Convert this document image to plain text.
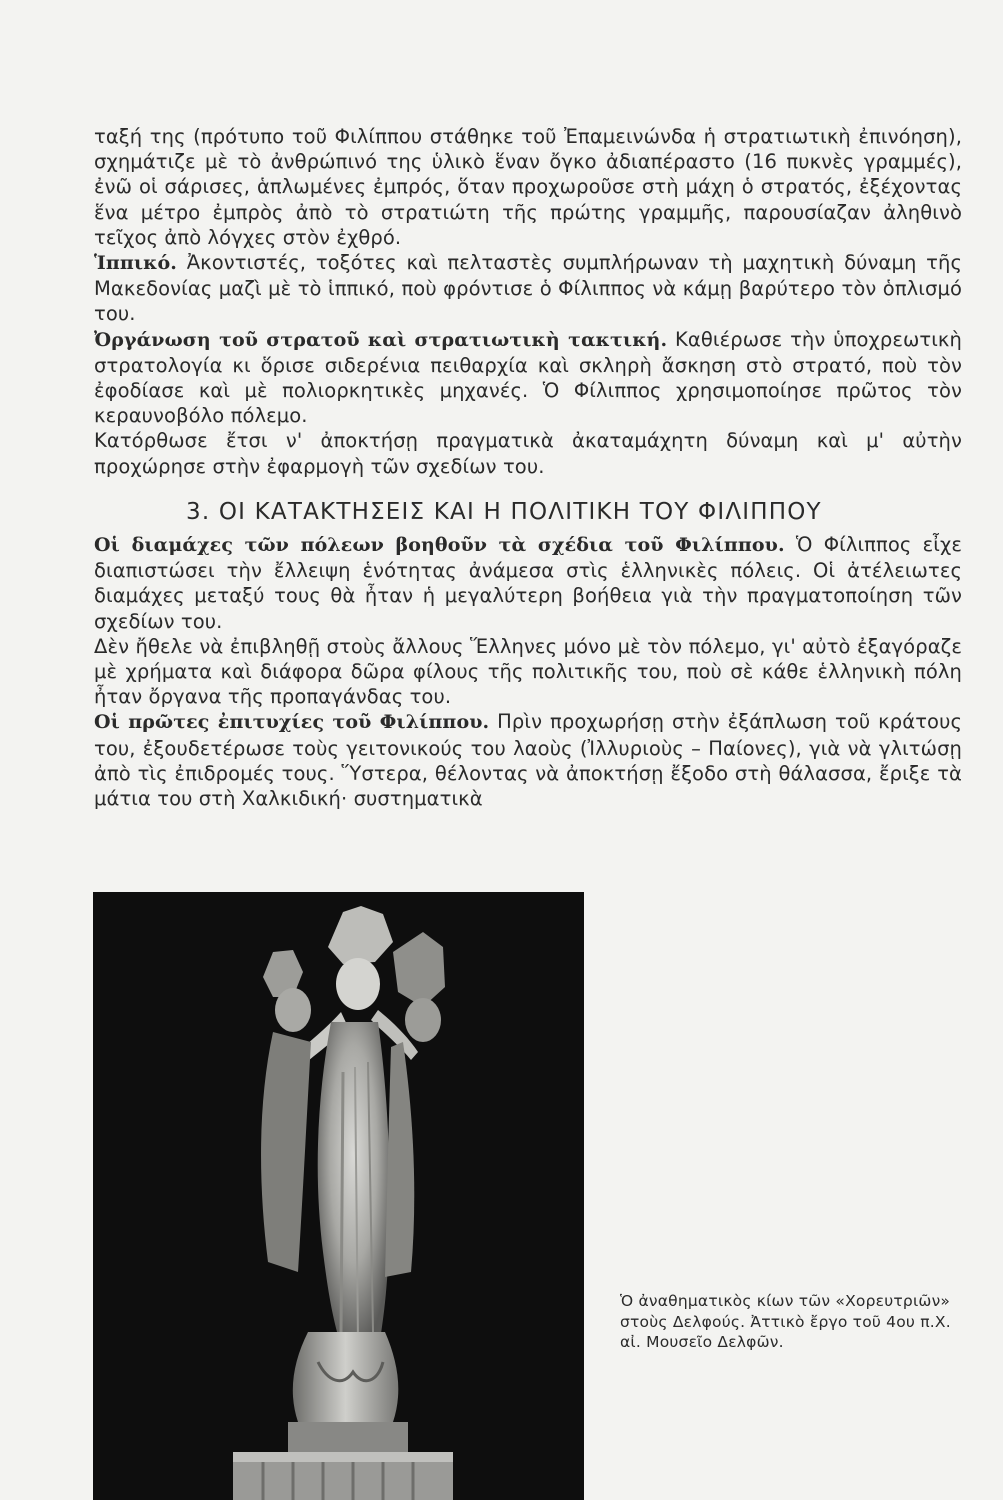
ταξή της (πρότυπο τοῦ Φιλίππου στάθηκε τοῦ Ἐπαμεινώνδα ἡ στρατιωτικὴ ἐπινόηση), σχημάτιζε μὲ τὸ ἀνθρώπινό της ὑλικὸ ἕναν ὄγκο ἀδιαπέραστο (16 πυκνὲς γραμμές), ἐνῶ οἱ σάρισες, ἁπλωμένες ἐμπρός, ὅταν προχωροῦσε στὴ μάχη ὁ στρατός, ἐξέχοντας ἕνα μέτρο ἐμπρὸς ἀπὸ τὸ στρατιώτη τῆς πρώτης γραμμῆς, παρουσίαζαν ἀληθινὸ τεῖχος ἀπὸ λόγχες στὸν ἐχθρό.

Ἱππικό. Ἀκοντιστές, τοξότες καὶ πελταστὲς συμπλήρωναν τὴ μαχητικὴ δύναμη τῆς Μακεδονίας μαζὶ μὲ τὸ ἱππικό, ποὺ φρόντισε ὁ Φίλιππος νὰ κάμῃ βαρύτερο τὸν ὁπλισμό του.

Ὀργάνωση τοῦ στρατοῦ καὶ στρατιωτικὴ τακτική. Καθιέρωσε τὴν ὑποχρεωτικὴ στρατολογία κι ὅρισε σιδερένια πειθαρχία καὶ σκληρὴ ἄσκηση στὸ στρατό, ποὺ τὸν ἐφοδίασε καὶ μὲ πολιορκητικὲς μηχανές. Ὁ Φίλιππος χρησιμοποίησε πρῶτος τὸν κεραυνοβόλο πόλεμο.

Κατόρθωσε ἔτσι ν' ἀποκτήσῃ πραγματικὰ ἀκαταμάχητη δύναμη καὶ μ' αὐτὴν προχώρησε στὴν ἐφαρμογὴ τῶν σχεδίων του.

3. ΟΙ ΚΑΤΑΚΤΗΣΕΙΣ ΚΑΙ Η ΠΟΛΙΤΙΚΗ ΤΟΥ ΦΙΛΙΠΠΟΥ

Οἱ διαμάχες τῶν πόλεων βοηθοῦν τὰ σχέδια τοῦ Φιλίππου. Ὁ Φίλιππος εἶχε διαπιστώσει τὴν ἔλλειψη ἑνότητας ἀνάμεσα στὶς ἑλληνικὲς πόλεις. Οἱ ἀτέλειωτες διαμάχες μεταξύ τους θὰ ἦταν ἡ μεγαλύτερη βοήθεια γιὰ τὴν πραγματοποίηση τῶν σχεδίων του.

Δὲν ἤθελε νὰ ἐπιβληθῇ στοὺς ἄλλους Ἕλληνες μόνο μὲ τὸν πόλεμο, γι' αὐτὸ ἐξαγόραζε μὲ χρήματα καὶ διάφορα δῶρα φίλους τῆς πολιτικῆς του, ποὺ σὲ κάθε ἑλληνικὴ πόλη ἦταν ὄργανα τῆς προπαγάνδας του.

Οἱ πρῶτες ἐπιτυχίες τοῦ Φιλίππου. Πρὶν προχωρήσῃ στὴν ἐξάπλωση τοῦ κράτους του, ἐξουδετέρωσε τοὺς γειτονικούς του λαοὺς (Ἰλλυριοὺς – Παίονες), γιὰ νὰ γλιτώσῃ ἀπὸ τὶς ἐπιδρομές τους. Ὕστερα, θέλοντας νὰ ἀποκτήσῃ ἔξοδο στὴ θάλασσα, ἔριξε τὰ μάτια του στὴ Χαλκιδική· συστηματικὰ

Ὁ ἀναθηματικὸς κίων τῶν «Χορευτριῶν» στοὺς Δελφούς. Ἀττικὸ ἔργο τοῦ 4ου π.Χ. αἰ. Μουσεῖο Δελφῶν.
